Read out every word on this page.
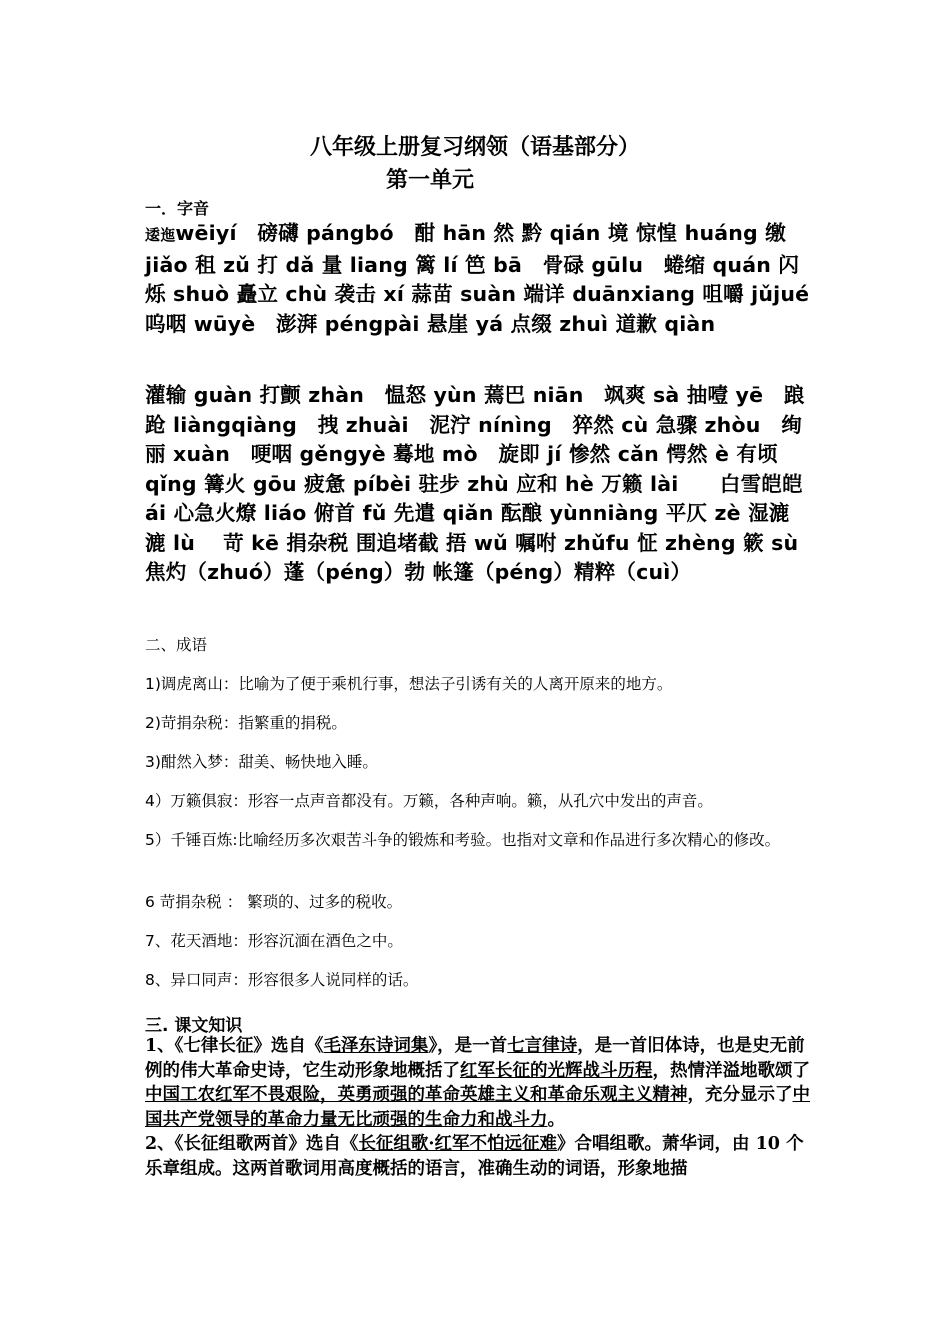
八年级上册复习纲领（语基部分）
第一单元
一．字音
逶迤wēiyí　磅礴 pángbó　酣 hān 然 黔 qián 境 惊惶 huáng 缴 jiǎo 租 zǔ 打 dǎ 量 liang 篱 lí 笆 bā　骨碌 gūlu　蜷缩 quán 闪烁 shuò 矗立 chù 袭击 xí 蒜苗 suàn 端详 duānxiang 咀嚼 jǔjué 呜咽 wūyè　澎湃 péngpài 悬崖 yá 点缀 zhuì 道歉 qiàn
灌输 guàn 打颤 zhàn　愠怒 yùn 蔫巴 niān　飒爽 sà 抽噎 yē　踉跄 liàngqiàng　拽 zhuài　泥泞 nínìng　猝然 cù 急骤 zhòu　绚丽 xuàn　哽咽 gěngyè 蓦地 mò　旋即 jí 惨然 cǎn 愕然 è 有顷 qǐng 篝火 gōu 疲惫 píbèi 驻步 zhù 应和 hè 万籁 lài　　白雪皑皑 ái 心急火燎 liáo 俯首 fǔ 先遣 qiǎn 酝酿 yùnniàng 平仄 zè 湿漉漉 lù　 苛 kē 捐杂税 围追堵截 捂 wǔ 嘱咐 zhǔfu 怔 zhèng 簌 sù 焦灼（zhuó）蓬（péng）勃 帐篷（péng）精粹（cuì）
二、成语
1)调虎离山：比喻为了便于乘机行事，想法子引诱有关的人离开原来的地方。
2)苛捐杂税：指繁重的捐税。
3)酣然入梦：甜美、畅快地入睡。
4）万籁俱寂：形容一点声音都没有。万籁，各种声响。籁，从孔穴中发出的声音。
5）千锤百炼:比喻经历多次艰苦斗争的锻炼和考验。也指对文章和作品进行多次精心的修改。
6 苛捐杂税 ： 繁琐的、过多的税收。
7、花天酒地：形容沉湎在酒色之中。
8、异口同声：形容很多人说同样的话。
三. 课文知识

1、《七律长征》选自《毛泽东诗词集》，是一首七言律诗，是一首旧体诗，也是史无前例的伟大革命史诗，它生动形象地概括了红军长征的光辉战斗历程，热情洋溢地歌颂了中国工农红军不畏艰险，英勇顽强的革命英雄主义和革命乐观主义精神，充分显示了中国共产党领导的革命力量无比顽强的生命力和战斗力。

2、《长征组歌两首》选自《长征组歌·红军不怕远征难》合唱组歌。萧华词，由 10 个乐章组成。这两首歌词用高度概括的语言，准确生动的词语，形象地描
